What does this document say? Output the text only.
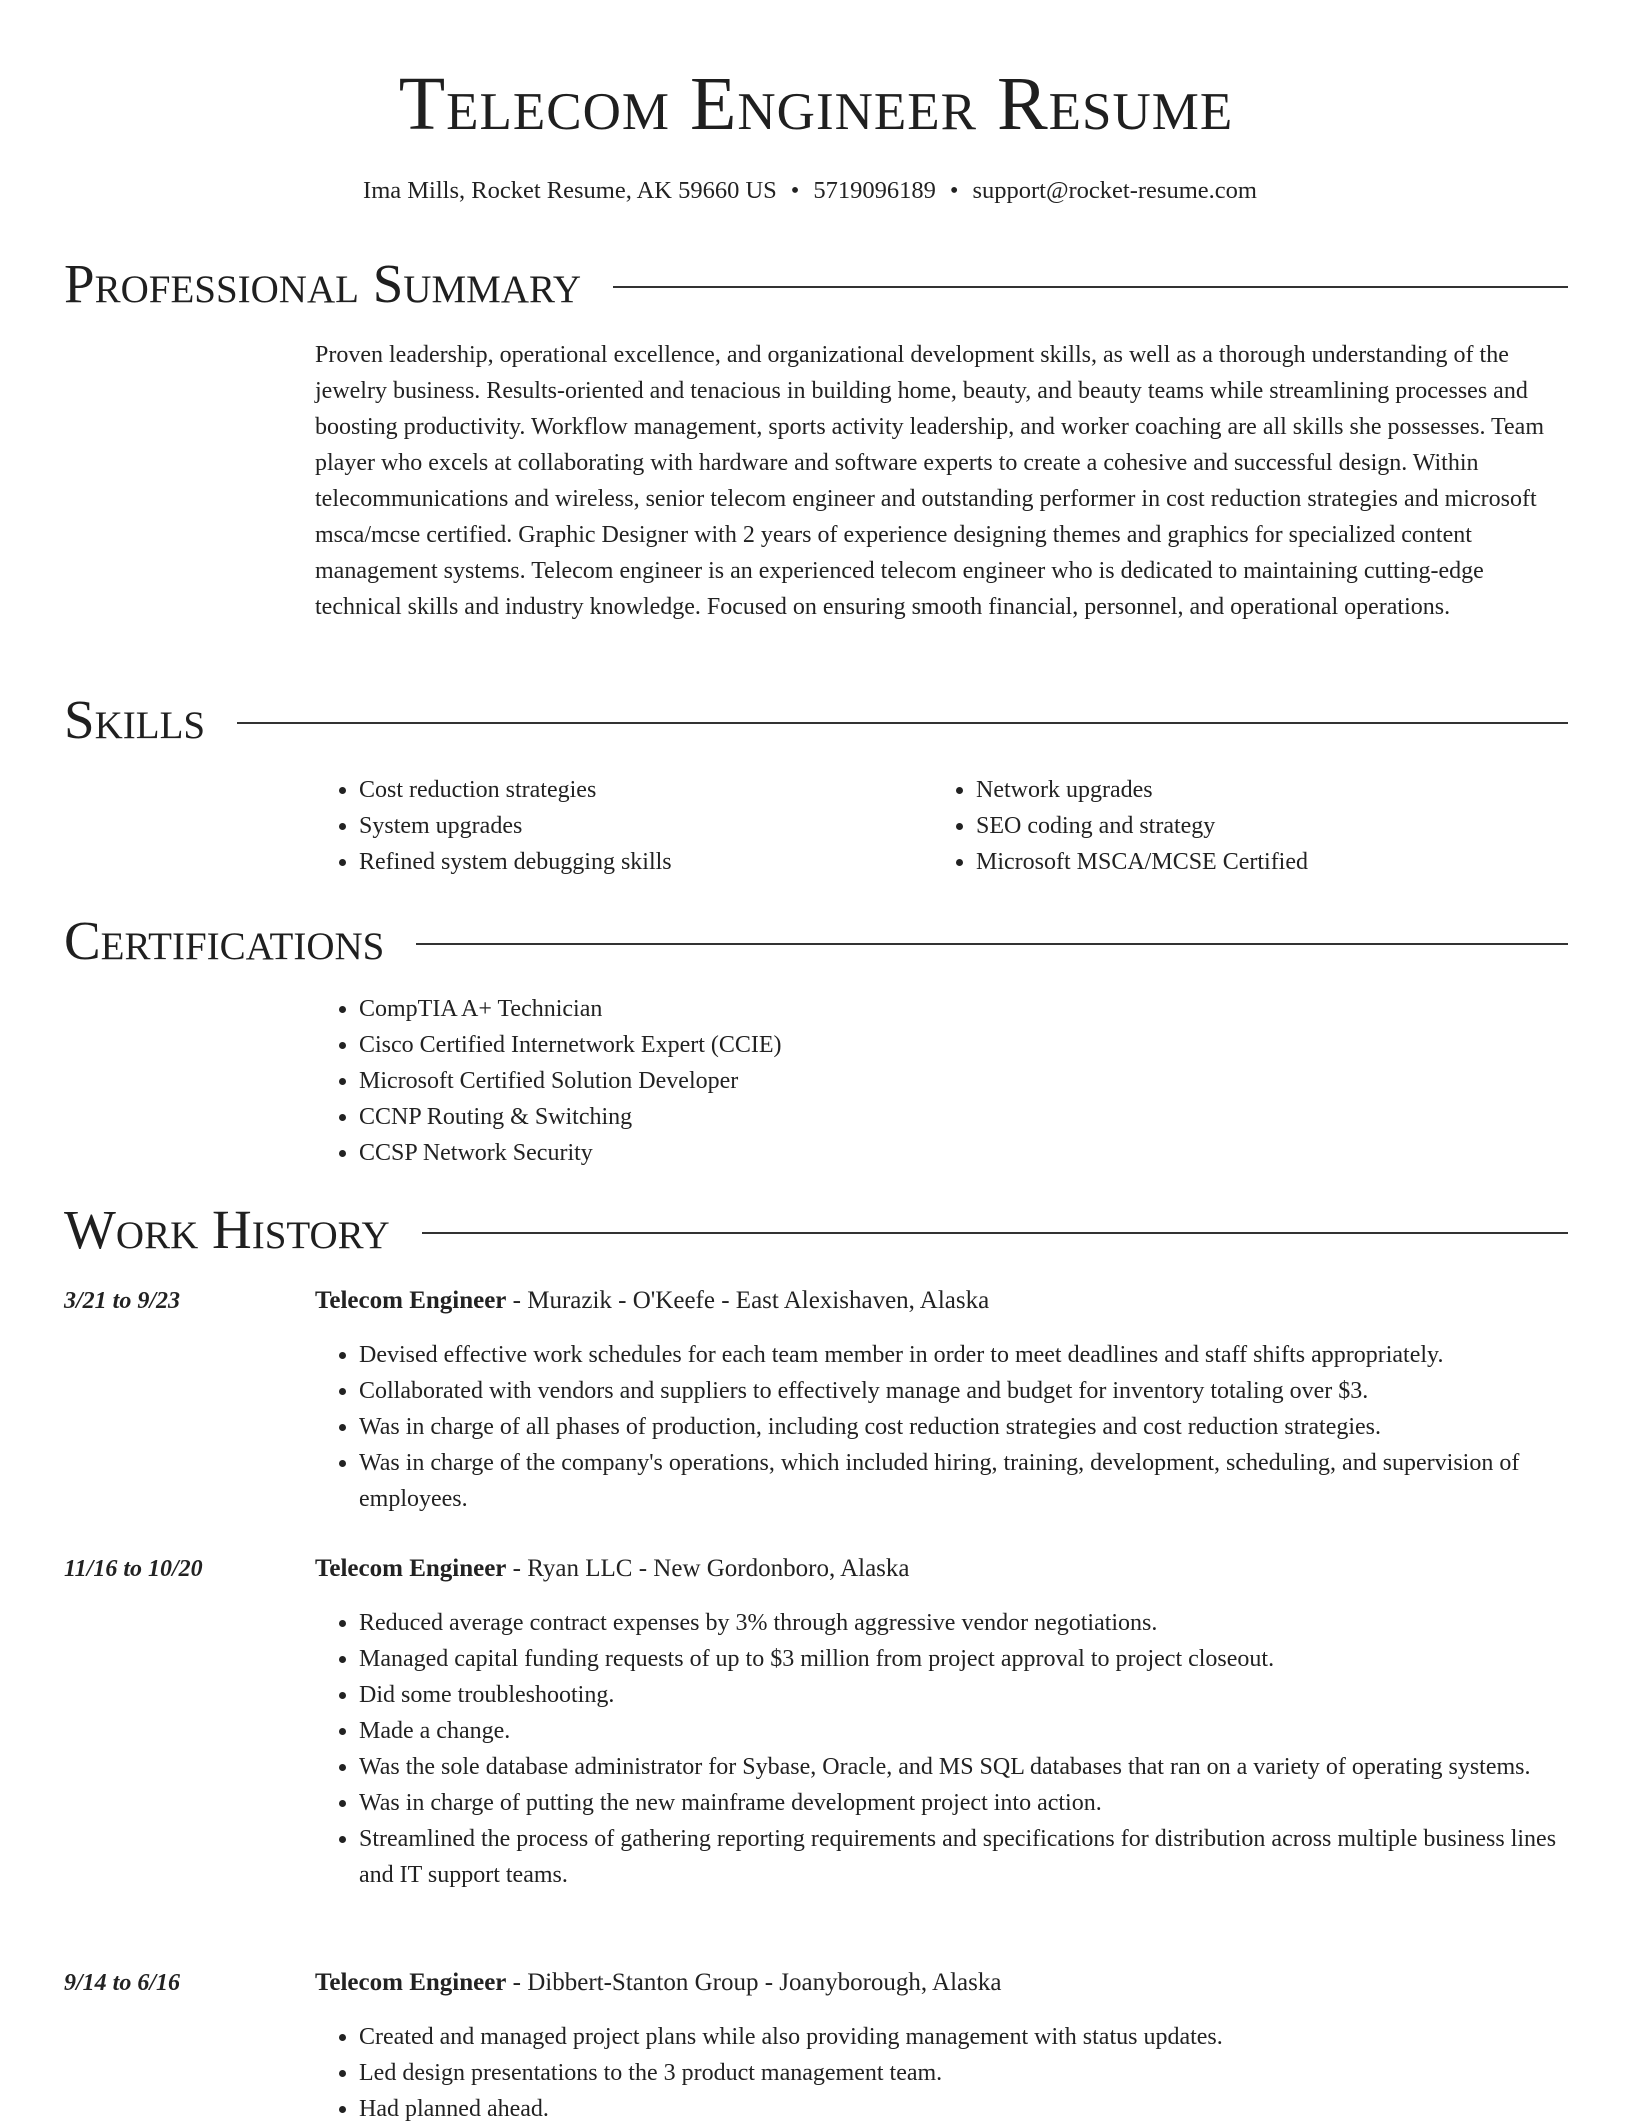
Telecom Engineer Resume
Ima Mills, Rocket Resume, AK 59660 US • 5719096189 • support@rocket-resume.com
Professional Summary

Proven leadership, operational excellence, and organizational development skills, as well as a thorough understanding of the jewelry business. Results-oriented and tenacious in building home, beauty, and beauty teams while streamlining processes and boosting productivity. Workflow management, sports activity leadership, and worker coaching are all skills she possesses. Team player who excels at collaborating with hardware and software experts to create a cohesive and successful design. Within telecommunications and wireless, senior telecom engineer and outstanding performer in cost reduction strategies and microsoft msca/mcse certified. Graphic Designer with 2 years of experience designing themes and graphics for specialized content management systems. Telecom engineer is an experienced telecom engineer who is dedicated to maintaining cutting-edge technical skills and industry knowledge. Focused on ensuring smooth financial, personnel, and operational operations.

Skills
• Cost reduction strategies
• System upgrades
• Refined system debugging skills
• Network upgrades
• SEO coding and strategy
• Microsoft MSCA/MCSE Certified
Certifications
• CompTIA A+ Technician
• Cisco Certified Internetwork Expert (CCIE)
• Microsoft Certified Solution Developer
• CCNP Routing & Switching
• CCSP Network Security
Work History
3/21 to 9/23	Telecom Engineer - Murazik - O'Keefe - East Alexishaven, Alaska
• Devised effective work schedules for each team member in order to meet deadlines and staff shifts appropriately.
• Collaborated with vendors and suppliers to effectively manage and budget for inventory totaling over $3.
• Was in charge of all phases of production, including cost reduction strategies and cost reduction strategies.
• Was in charge of the company's operations, which included hiring, training, development, scheduling, and supervision of employees.
11/16 to 10/20	Telecom Engineer - Ryan LLC - New Gordonboro, Alaska
• Reduced average contract expenses by 3% through aggressive vendor negotiations.
• Managed capital funding requests of up to $3 million from project approval to project closeout.
• Did some troubleshooting.
• Made a change.
• Was the sole database administrator for Sybase, Oracle, and MS SQL databases that ran on a variety of operating systems.
• Was in charge of putting the new mainframe development project into action.
• Streamlined the process of gathering reporting requirements and specifications for distribution across multiple business lines and IT support teams.
9/14 to 6/16	Telecom Engineer - Dibbert-Stanton Group - Joanyborough, Alaska
• Created and managed project plans while also providing management with status updates.
• Led design presentations to the 3 product management team.
• Had planned ahead.
